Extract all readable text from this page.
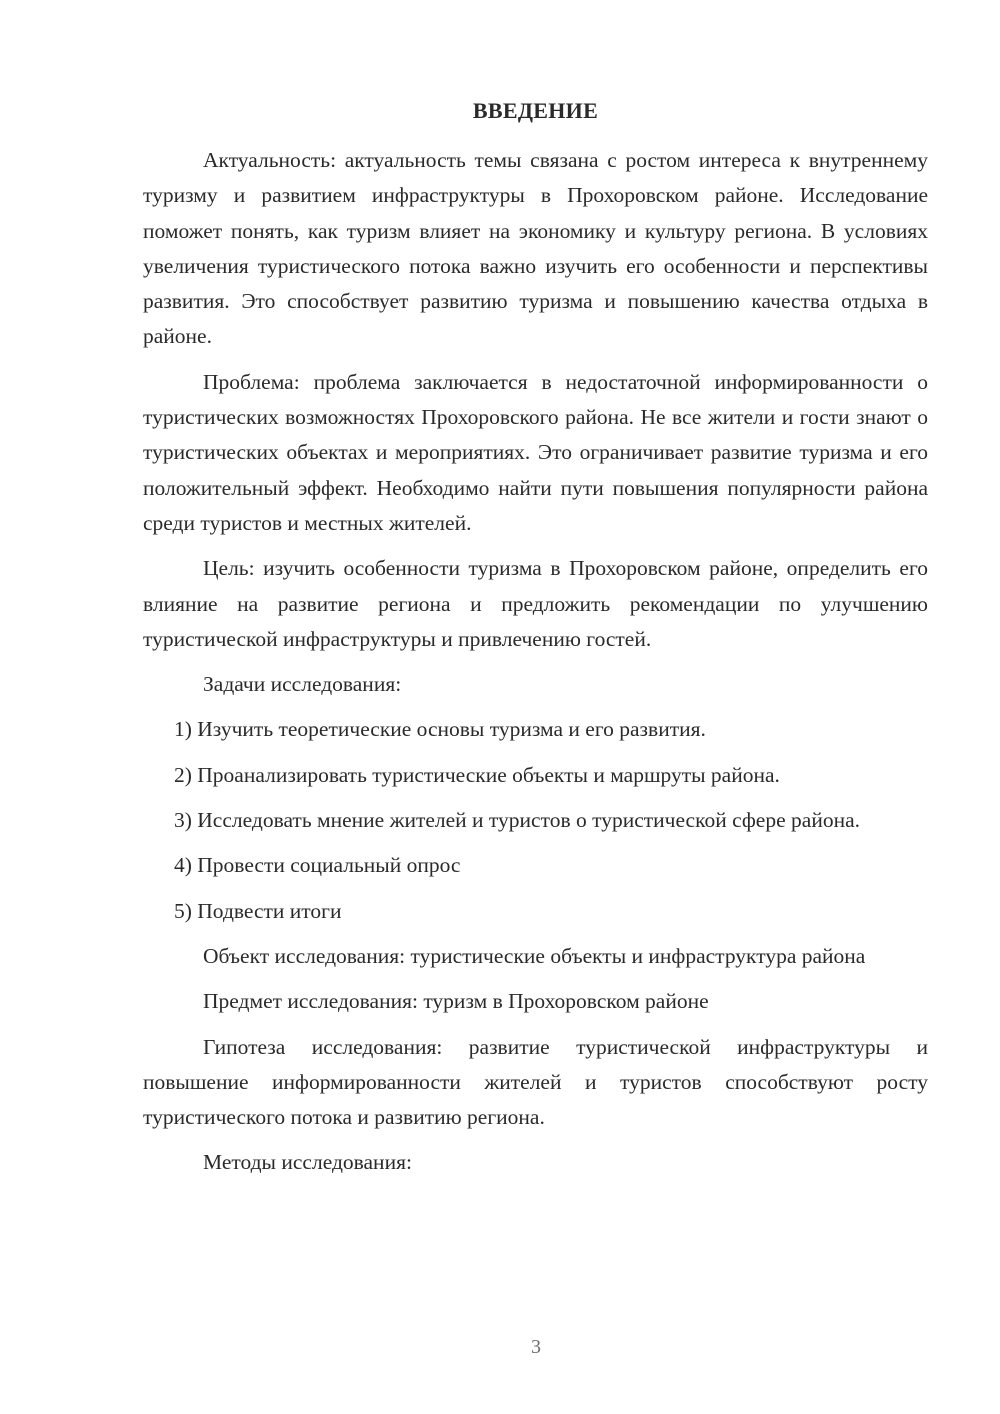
ВВЕДЕНИЕ

Актуальность: актуальность темы связана с ростом интереса к внутреннему туризму и развитием инфраструктуры в Прохоровском районе. Исследование поможет понять, как туризм влияет на экономику и культуру региона. В условиях увеличения туристического потока важно изучить его особенности и перспективы развития. Это способствует развитию туризма и повышению качества отдыха в районе.

Проблема: проблема заключается в недостаточной информированности о туристических возможностях Прохоровского района. Не все жители и гости знают о туристических объектах и мероприятиях. Это ограничивает развитие туризма и его положительный эффект. Необходимо найти пути повышения популярности района среди туристов и местных жителей.

Цель: изучить особенности туризма в Прохоровском районе, определить его влияние на развитие региона и предложить рекомендации по улучшению туристической инфраструктуры и привлечению гостей.

Задачи исследования:

1) Изучить теоретические основы туризма и его развития.

2) Проанализировать туристические объекты и маршруты района.

3) Исследовать мнение жителей и туристов о туристической сфере района.

4) Провести социальный опрос

5) Подвести итоги

Объект исследования: туристические объекты и инфраструктура района

Предмет исследования: туризм в Прохоровском районе

Гипотеза исследования: развитие туристической инфраструктуры и повышение информированности жителей и туристов способствуют росту туристического потока и развитию региона.

Методы исследования:

3
